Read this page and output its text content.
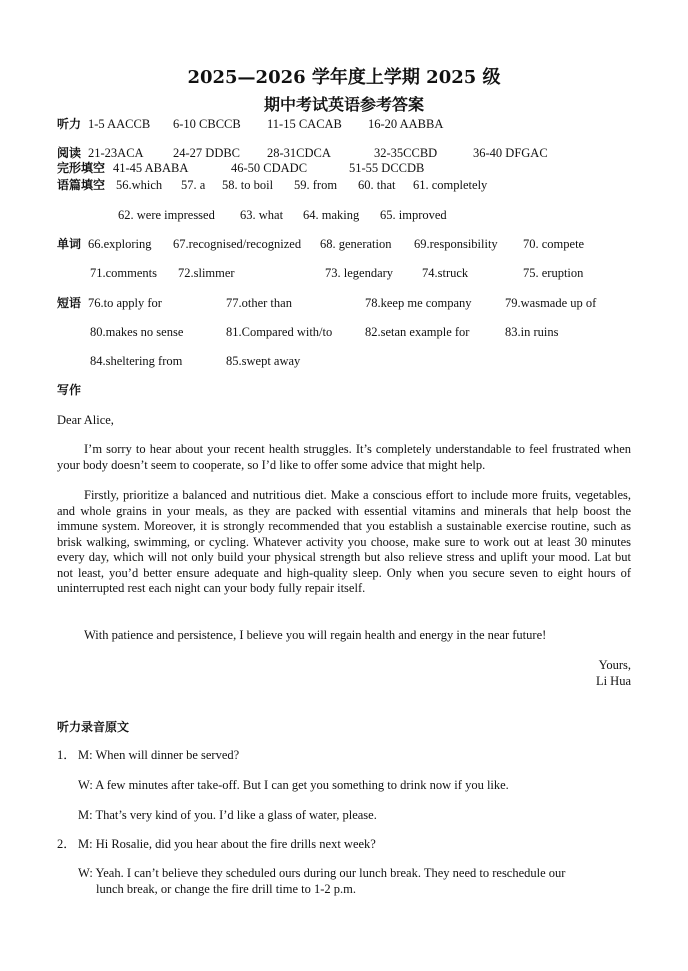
2025—2026 学年度上学期 2025 级
期中考试英语参考答案
听力 1-5 AACCB 6-10 CBCCB 11-15 CACAB 16-20 AABBA
阅读 21-23ACA 24-27 DDBC 28-31CDCA	32-35CCBD	36-40 DFGAC
完形填空 41-45 ABABA	46-50 CDADC	51-55 DCCDB
语篇填空 56.which 57. a 58. to boil 59. from 60. that 61. completely
62. were impressed 63. what 64. making 65. improved
单词 66.exploring 67.recognised/recognized 68. generation 69.responsibility 70. compete
71.comments 72.slimmer	73. legendary 74.struck	75. eruption
短语 76.to apply for	77.other than	78.keep me company	79.wasmade up of
80.makes no sense	81.Compared with/to	82.setan example for	83.in ruins
84.sheltering from	85.swept away
写作
Dear Alice,
I’m sorry to hear about your recent health struggles. It’s completely understandable to feel frustrated when your body doesn’t seem to cooperate, so I’d like to offer some advice that might help.
Firstly, prioritize a balanced and nutritious diet. Make a conscious effort to include more fruits, vegetables, and whole grains in your meals, as they are packed with essential vitamins and minerals that help boost the immune system. Moreover, it is strongly recommended that you establish a sustainable exercise routine, such as brisk walking, swimming, or cycling. Whatever activity you choose, make sure to work out at least 30 minutes every day, which will not only build your physical strength but also relieve stress and uplift your mood. Lat but not least, you’d better ensure adequate and high-quality sleep. Only when you secure seven to eight hours of uninterrupted rest each night can your body fully repair itself.
With patience and persistence, I believe you will regain health and energy in the near future!
Yours,
Li Hua
听力录音原文
1． M: When will dinner be served?
W: A few minutes after take-off. But I can get you something to drink now if you like.
M: That’s very kind of you. I’d like a glass of water, please.
2． M: Hi Rosalie, did you hear about the fire drills next week?
W: Yeah. I can’t believe they scheduled ours during our lunch break. They need to reschedule our
lunch break, or change the fire drill time to 1-2 p.m.
